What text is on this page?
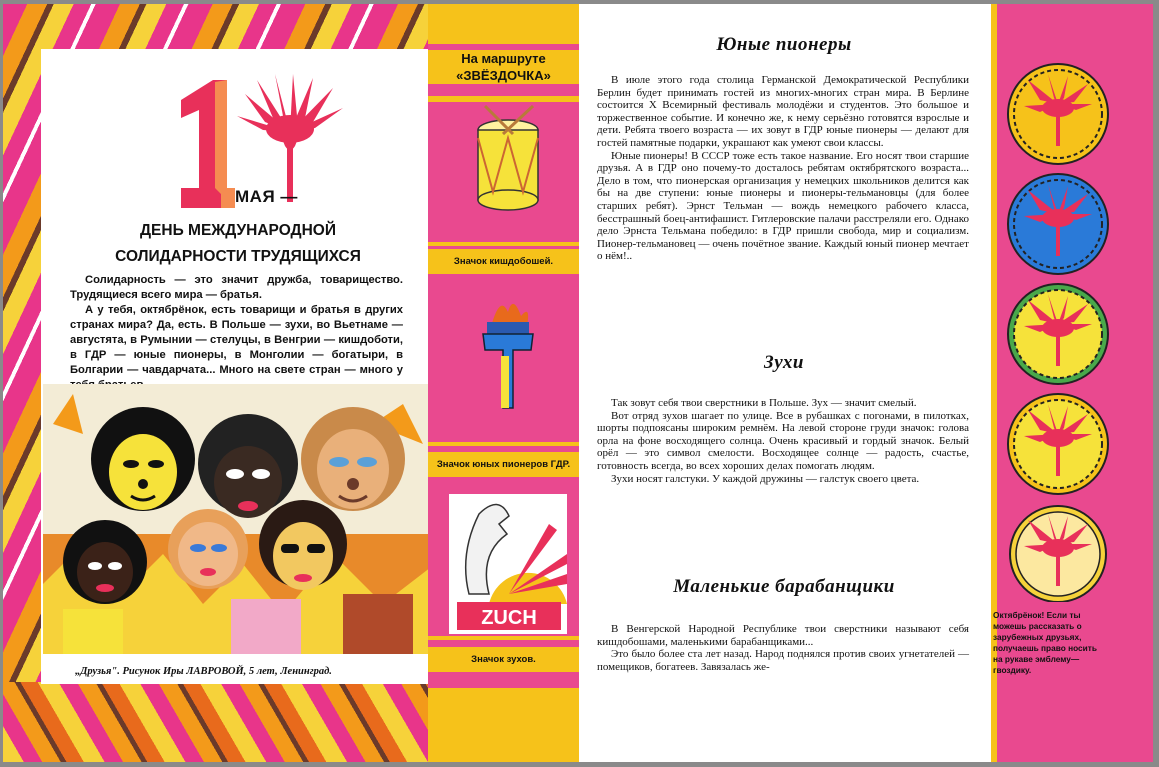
МАЯ —
ДЕНЬ МЕЖДУНАРОДНОЙ
СОЛИДАРНОСТИ ТРУДЯЩИХСЯ

Солидарность — это значит дружба, товарищество. Трудящиеся всего мира — братья.

А у тебя, октябрёнок, есть товарищи и братья в других странах мира? Да, есть. В Польше — зухи, во Вьетнаме — августята, в Румынии — стелуцы, в Венгрии — кишдоботи, в ГДР — юные пионеры, в Монголии — богатыри, в Болгарии — чавдарчата... Много на свете стран — много у

„Друзья". Рисунок Иры ЛАВРОВОЙ, 5 лет, Ленинград.
На маршруте
«ЗВЁЗДОЧКА»
Значок кишдобошей.
Значок юных пионеров ГДР.
ZUCH
Значок зухов.
Юные пионеры

В июле этого года столица Германской Демократической Республики Берлин будет принимать гостей из многих-многих стран мира. В Берлине состоится X Всемирный фестиваль молодёжи и студентов. Это большое и торжественное событие. И конечно же, к нему серьёзно готовятся взрослые и дети. Ребята твоего возраста — их зовут в ГДР юные пионеры — делают для гостей памятные подарки, украшают как умеют свои классы.

Юные пионеры! В СССР тоже есть такое название. Его носят твои старшие друзья. А в ГДР оно почему-то досталось ребятам октябрятского возраста... Дело в том, что пионерская организация у немецких школьников делится как бы на две ступени: юные пионеры и пионеры-тельмановцы (для более старших ребят). Эрнст Тельман — вождь немецкого рабочего класса, бесстрашный боец-антифашист. Гитлеровские палачи расстреляли его. Однако дело Эрнста Тельмана победило: в ГДР пришли свобода, мир и социализм. Пионер-тельмановец — очень почётное звание. Каждый юный пионер мечтает о нём!..

Зухи

Так зовут себя твои сверстники в Польше. Зух — значит смелый.

Вот отряд зухов шагает по улице. Все в рубашках с погонами, в пилотках, шорты подпоясаны широким ремнём. На левой стороне груди значок: голова орла на фоне восходящего солнца. Очень красивый и гордый значок. Белый орёл — это символ смелости. Восходящее солнце — радость, счастье, готовность всегда, во всех хороших делах помогать людям.

Зухи носят галстуки. У каждой дружины — галстук своего цвета.

Маленькие барабанщики

В Венгерской Народной Республике твои сверстники называют себя кишдобошами, маленькими барабанщиками...

Это было более ста лет назад. Народ поднялся против своих угнетателей — помещиков, богатеев. Завязалась же-

Октябрёнок! Если ты можешь рассказать о зарубежных друзьях, получаешь право носить на рукаве эмблему—гвоздику.
